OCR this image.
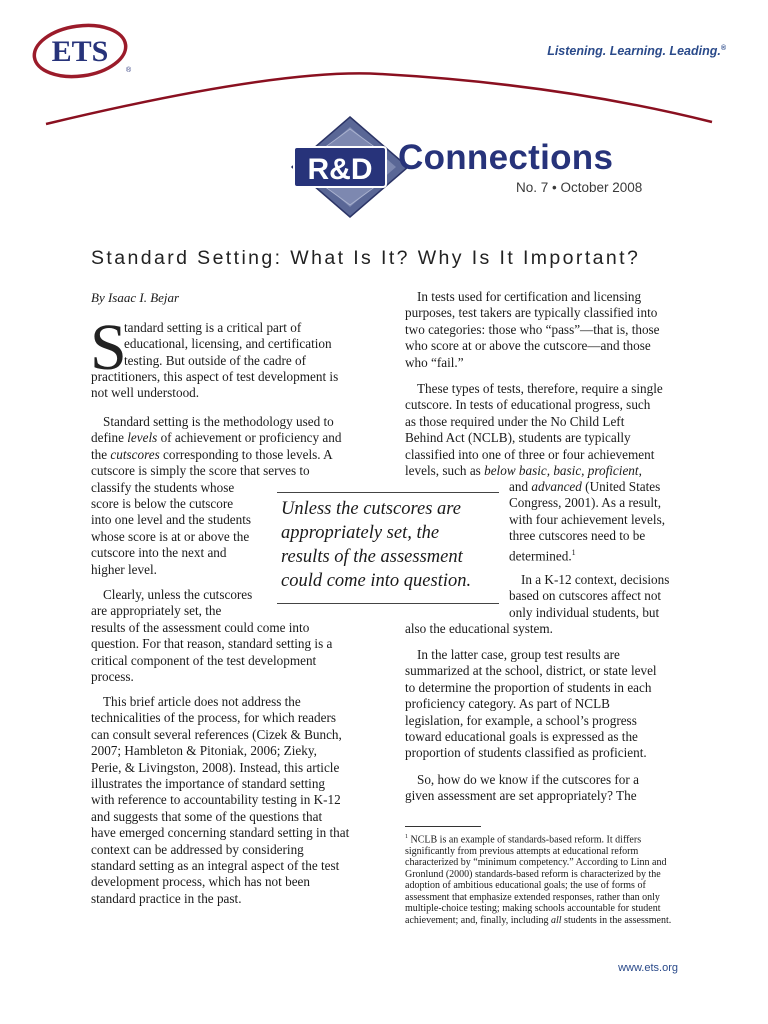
ETS
®
Listening. Learning. Leading.®
R&D Connections
No. 7 • October 2008
Standard Setting: What Is It? Why Is It Important?
By Isaac I. Bejar
S
tandard setting is a critical part of
educational, licensing, and certification
testing. But outside of the cadre of
practitioners, this aspect of test development is
not well understood.
Standard setting is the methodology used to
define levels of achievement or proficiency and
the cutscores corresponding to those levels. A
cutscore is simply the score that serves to
classify the students whose
score is below the cutscore
into one level and the students
whose score is at or above the
cutscore into the next and
higher level.
Clearly, unless the cutscores
are appropriately set, the
results of the assessment could come into
question. For that reason, standard setting is a
critical component of the test development
process.
This brief article does not address the
technicalities of the process, for which readers
can consult several references (Cizek & Bunch,
2007; Hambleton & Pitoniak, 2006; Zieky,
Perie, & Livingston, 2008). Instead, this article
illustrates the importance of standard setting
with reference to accountability testing in K-12
and suggests that some of the questions that
have emerged concerning standard setting in that
context can be addressed by considering
standard setting as an integral aspect of the test
development process, which has not been
standard practice in the past.
Unless the cutscores are
appropriately set, the
results of the assessment
could come into question.
In tests used for certification and licensing
purposes, test takers are typically classified into
two categories: those who “pass”—that is, those
who score at or above the cutscore—and those
who “fail.”
These types of tests, therefore, require a single
cutscore. In tests of educational progress, such
as those required under the No Child Left
Behind Act (NCLB), students are typically
classified into one of three or four achievement
levels, such as below basic, basic, proficient,
and advanced (United States
Congress, 2001). As a result,
with four achievement levels,
three cutscores need to be
determined.$^1$
In a K-12 context, decisions
based on cutscores affect not
only individual students, but
also the educational system.
In the latter case, group test results are
summarized at the school, district, or state level
to determine the proportion of students in each
proficiency category. As part of NCLB
legislation, for example, a school’s progress
toward educational goals is expressed as the
proportion of students classified as proficient.
So, how do we know if the cutscores for a
given assessment are set appropriately? The
$^1$ NCLB is an example of standards-based reform. It differs
significantly from previous attempts at educational reform
characterized by “minimum competency.” According to Linn and
Gronlund (2000) standards-based reform is characterized by the
adoption of ambitious educational goals; the use of forms of
assessment that emphasize extended responses, rather than only
multiple-choice testing; making schools accountable for student
achievement; and, finally, including all students in the assessment.
www.ets.org
